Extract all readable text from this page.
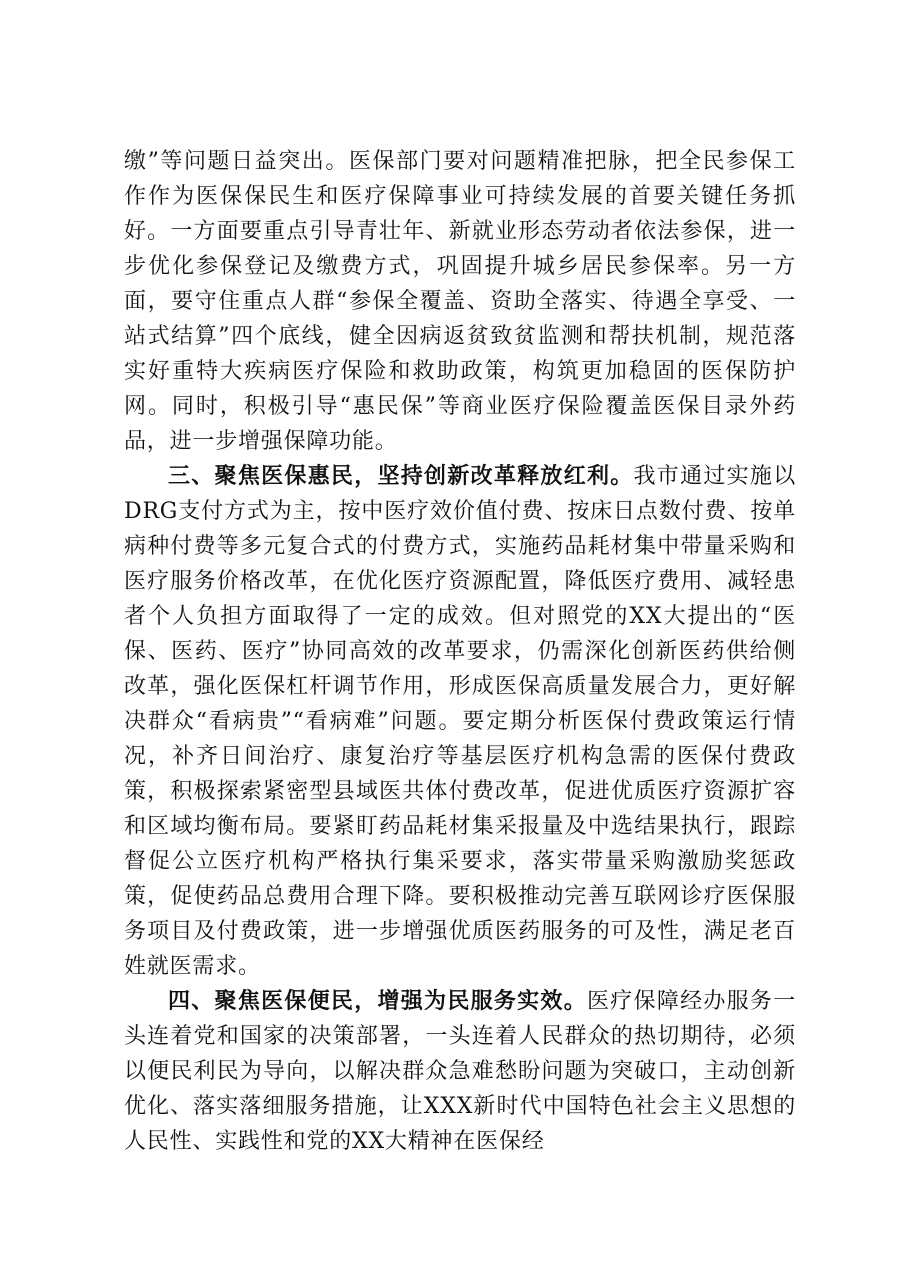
缴”等问题日益突出。医保部门要对问题精准把脉，把全民参保工作作为医保保民生和医疗保障事业可持续发展的首要关键任务抓好。一方面要重点引导青壮年、新就业形态劳动者依法参保，进一步优化参保登记及缴费方式，巩固提升城乡居民参保率。另一方面，要守住重点人群“参保全覆盖、资助全落实、待遇全享受、一站式结算”四个底线，健全因病返贫致贫监测和帮扶机制，规范落实好重特大疾病医疗保险和救助政策，构筑更加稳固的医保防护网。同时，积极引导“惠民保”等商业医疗保险覆盖医保目录外药品，进一步增强保障功能。

三、聚焦医保惠民，坚持创新改革释放红利。我市通过实施以DRG支付方式为主，按中医疗效价值付费、按床日点数付费、按单病种付费等多元复合式的付费方式，实施药品耗材集中带量采购和医疗服务价格改革，在优化医疗资源配置，降低医疗费用、减轻患者个人负担方面取得了一定的成效。但对照党的XX大提出的“医保、医药、医疗”协同高效的改革要求，仍需深化创新医药供给侧改革，强化医保杠杆调节作用，形成医保高质量发展合力，更好解决群众“看病贵”“看病难”问题。要定期分析医保付费政策运行情况，补齐日间治疗、康复治疗等基层医疗机构急需的医保付费政策，积极探索紧密型县域医共体付费改革，促进优质医疗资源扩容和区域均衡布局。要紧盯药品耗材集采报量及中选结果执行，跟踪督促公立医疗机构严格执行集采要求，落实带量采购激励奖惩政策，促使药品总费用合理下降。要积极推动完善互联网诊疗医保服务项目及付费政策，进一步增强优质医药服务的可及性，满足老百姓就医需求。

四、聚焦医保便民，增强为民服务实效。医疗保障经办服务一头连着党和国家的决策部署，一头连着人民群众的热切期待，必须以便民利民为导向，以解决群众急难愁盼问题为突破口，主动创新优化、落实落细服务措施，让XXX新时代中国特色社会主义思想的人民性、实践性和党的XX大精神在医保经
